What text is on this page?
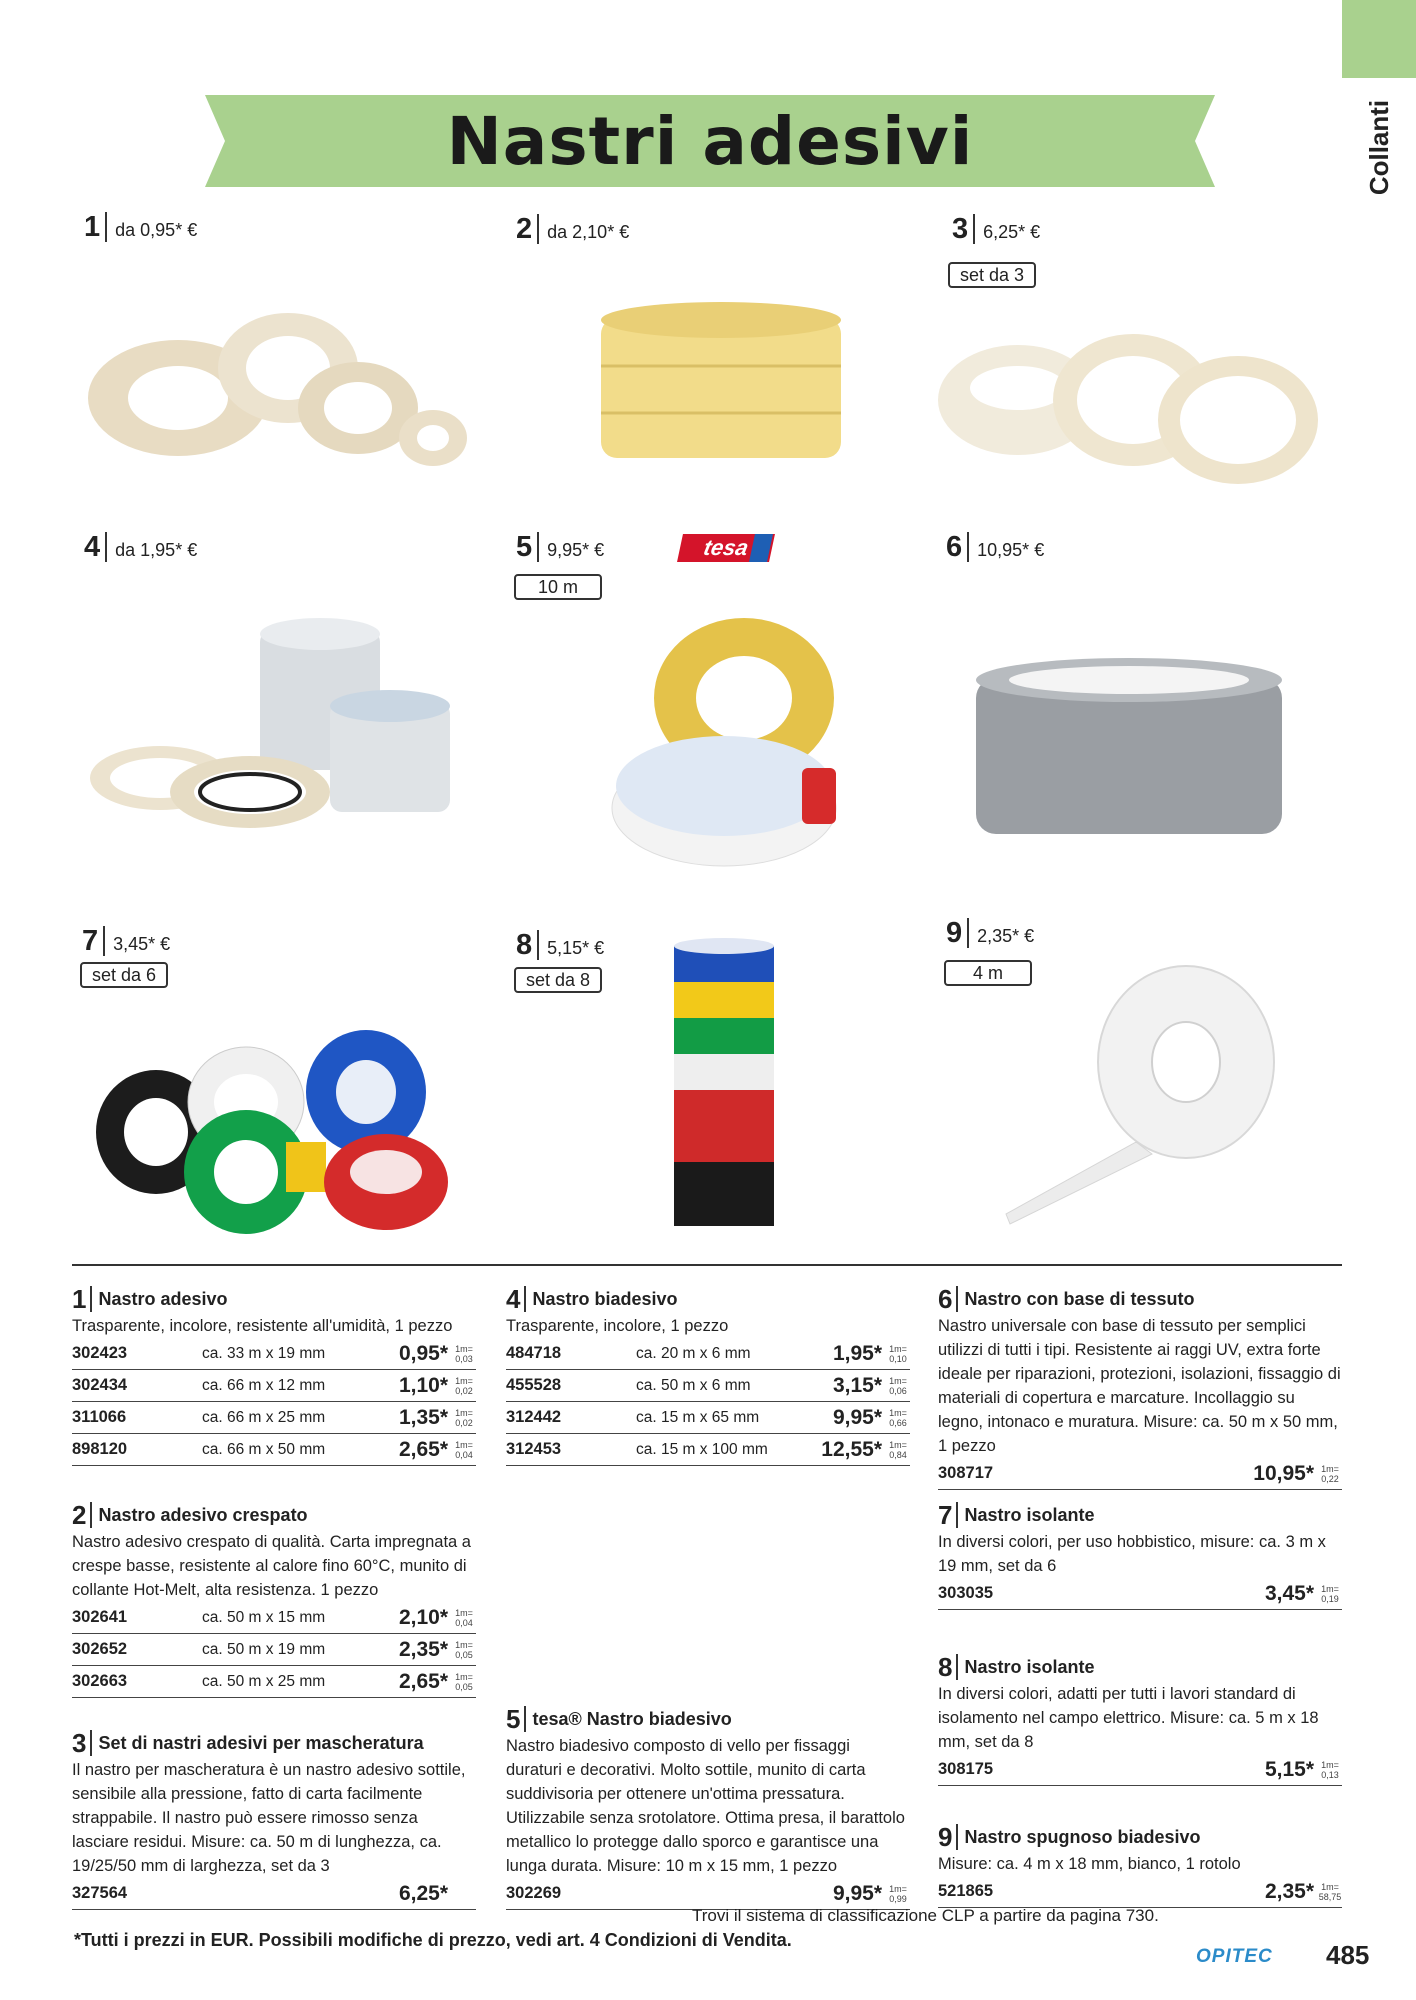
Collanti
Nastri adesivi
1 da 0,95* €	2 da 2,10* €	3 6,25* €
set da 3
4 da 1,95* €	5 9,95* €
10 m
tesa	6 10,95* €
7 3,45* €
set da 6
8 5,15* €
set da 8
9 2,35* €
4 m
1 Nastro adesivo
Trasparente, incolore, resistente all'umidità, 1 pezzo
302423	ca. 33 m x 19 mm	0,95* 1m= 0,03
302434	ca. 66 m x 12 mm	1,10* 1m= 0,02
311066	ca. 66 m x 25 mm	1,35* 1m= 0,02
898120	ca. 66 m x 50 mm	2,65* 1m= 0,04
2 Nastro adesivo crespato
Nastro adesivo crespato di qualità. Carta impregnata a crespe basse, resistente al calore fino 60°C, munito di collante Hot-Melt, alta resistenza. 1 pezzo
302641	ca. 50 m x 15 mm	2,10* 1m= 0,04
302652	ca. 50 m x 19 mm	2,35* 1m= 0,05
302663	ca. 50 m x 25 mm	2,65* 1m= 0,05
3 Set di nastri adesivi per mascheratura
Il nastro per mascheratura è un nastro adesivo sottile, sensibile alla pressione, fatto di carta facilmente strappabile. Il nastro può essere rimosso senza lasciare residui. Misure: ca. 50 m di lunghezza, ca. 19/25/50 mm di larghezza, set da 3
327564	6,25*
4 Nastro biadesivo
Trasparente, incolore, 1 pezzo
484718	ca. 20 m x 6 mm	1,95* 1m= 0,10
455528	ca. 50 m x 6 mm	3,15* 1m= 0,06
312442	ca. 15 m x 65 mm	9,95* 1m= 0,66
312453	ca. 15 m x 100 mm	12,55* 1m= 0,84
5 tesa® Nastro biadesivo
Nastro biadesivo composto di vello per fissaggi duraturi e decorativi. Molto sottile, munito di carta suddivisoria per ottenere un'ottima pressatura. Utilizzabile senza srotolatore. Ottima presa, il barattolo metallico lo protegge dallo sporco e garantisce una lunga durata. Misure: 10 m x 15 mm, 1 pezzo
302269	9,95* 1m= 0,99
6 Nastro con base di tessuto
Nastro universale con base di tessuto per semplici utilizzi di tutti i tipi. Resistente ai raggi UV, extra forte ideale per riparazioni, protezioni, isolazioni, fissaggio di materiali di copertura e marcature. Incollaggio su legno, intonaco e muratura. Misure: ca. 50 m x 50 mm, 1 pezzo
308717	10,95* 1m= 0,22
7 Nastro isolante
In diversi colori, per uso hobbistico, misure: ca. 3 m x 19 mm, set da 6
303035	3,45* 1m= 0,19
8 Nastro isolante
In diversi colori, adatti per tutti i lavori standard di isolamento nel campo elettrico. Misure: ca. 5 m x 18 mm, set da 8
308175	5,15* 1m= 0,13
9 Nastro spugnoso biadesivo
Misure: ca. 4 m x 18 mm, bianco, 1 rotolo
521865	2,35* 1m= 58,75
Trovi il sistema di classificazione CLP a partire da pagina 730.
*Tutti i prezzi in EUR. Possibili modifiche di prezzo, vedi art. 4 Condizioni di Vendita.
OPITEC 485
